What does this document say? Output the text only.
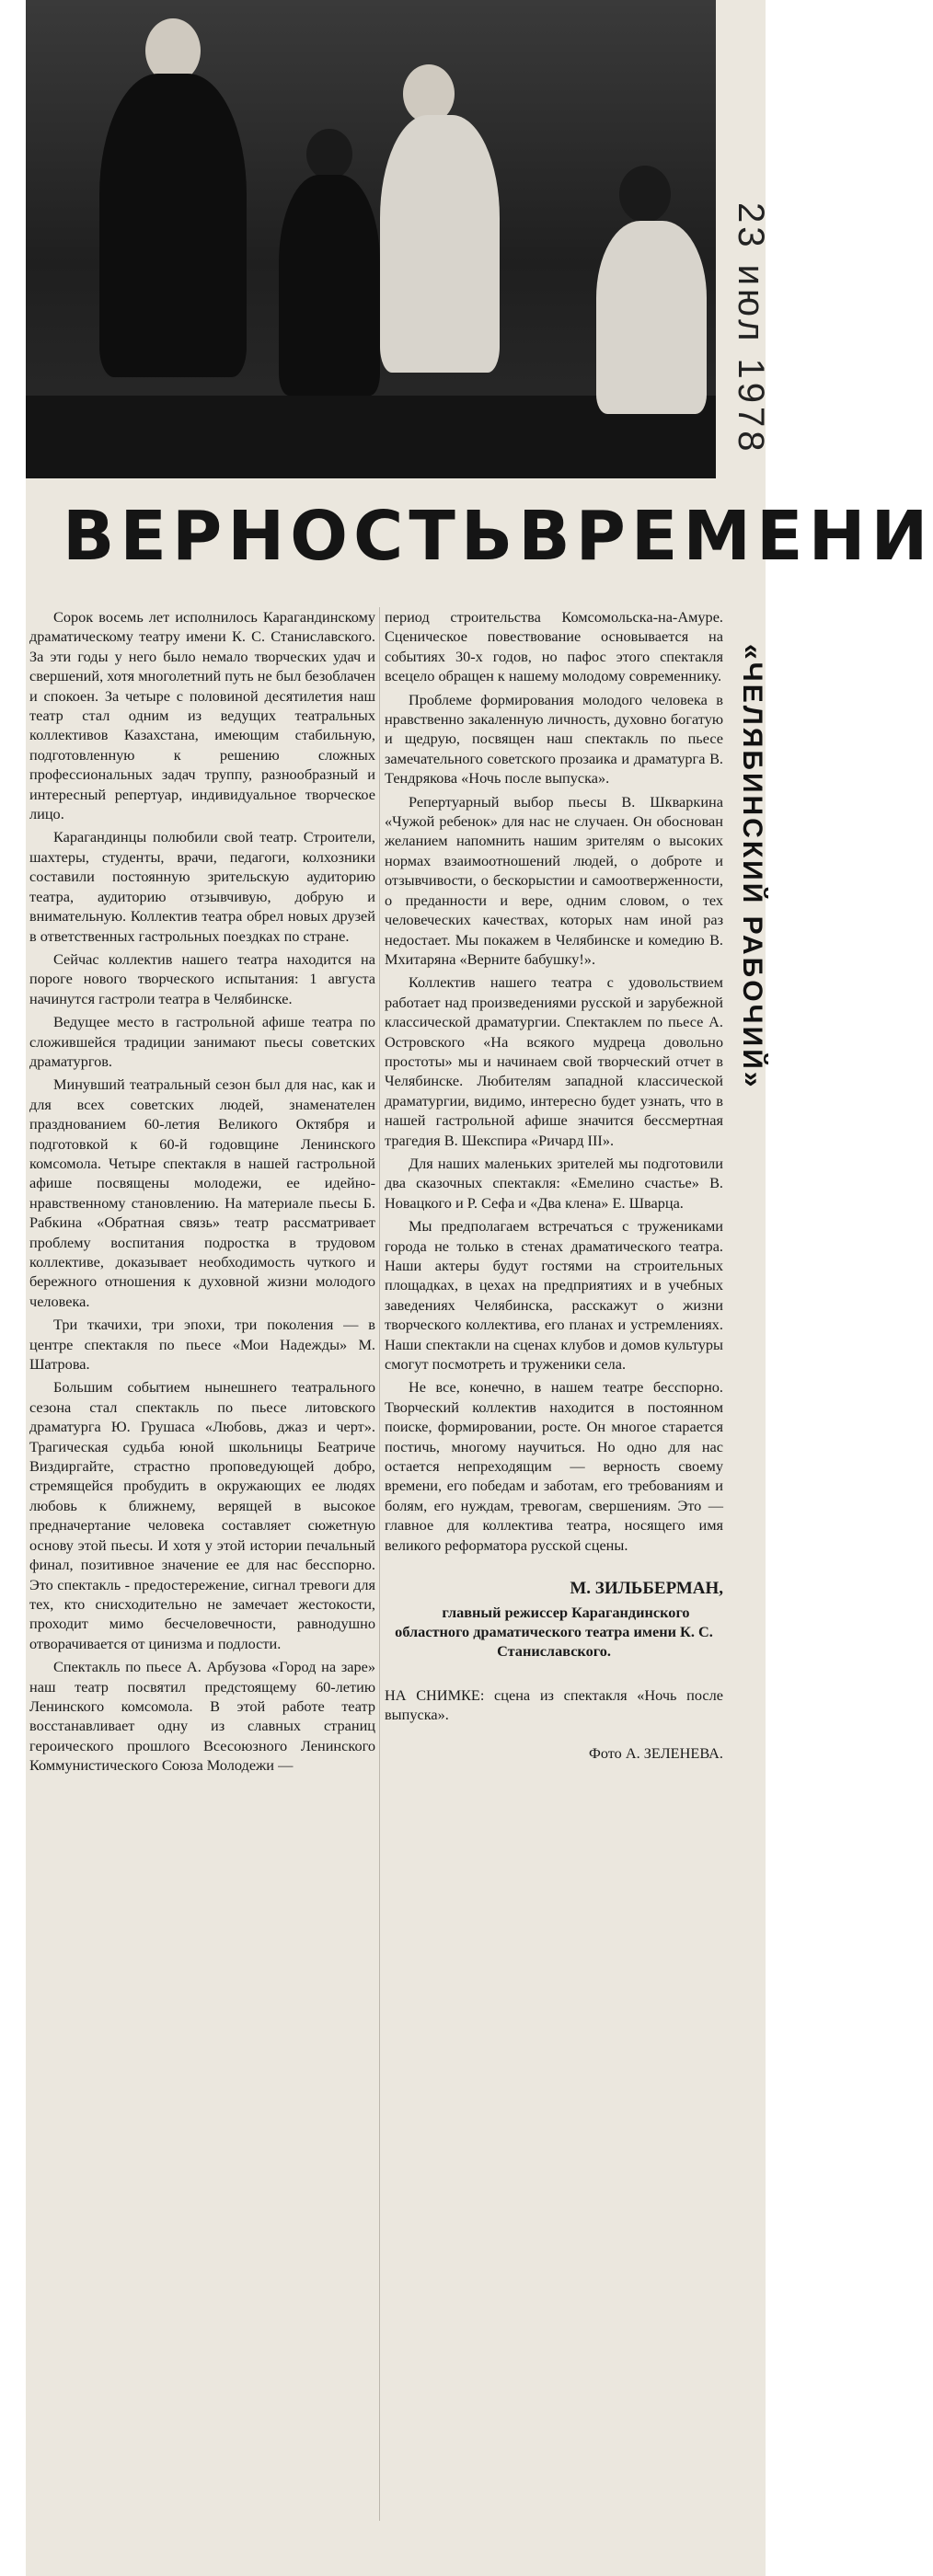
23 июл 1978
«ЧЕЛЯБИНСКИЙ РАБОЧИЙ»
ВЕРНОСТЬ ВРЕМЕНИ

Сорок восемь лет исполнилось Карагандинскому драматическому театру имени К. С. Станиславского. За эти годы у него было немало творческих удач и свершений, хотя многолетний путь не был безоблачен и спокоен. За четыре с половиной десятилетия наш театр стал одним из ведущих театральных коллективов Казахстана, имеющим стабильную, подготовленную к решению сложных профессиональных задач труппу, разнообразный и интересный репертуар, индивидуальное творческое лицо.

Карагандинцы полюбили свой театр. Строители, шахтеры, студенты, врачи, педагоги, колхозники составили постоянную зрительскую аудиторию театра, аудиторию отзывчивую, добрую и внимательную. Коллектив театра обрел новых друзей в ответственных гастрольных поездках по стране.

Сейчас коллектив нашего театра находится на пороге нового творческого испытания: 1 августа начинутся гастроли театра в Челябинске.

Ведущее место в гастрольной афише театра по сложившейся традиции занимают пьесы советских драматургов.

Минувший театральный сезон был для нас, как и для всех советских людей, знаменателен празднованием 60-летия Великого Октября и подготовкой к 60-й годовщине Ленинского комсомола. Четыре спектакля в нашей гастрольной афише посвящены молодежи, ее идейно-нравственному становлению. На материале пьесы Б. Рабкина «Обратная связь» театр рассматривает проблему воспитания подростка в трудовом коллективе, доказывает необходимость чуткого и бережного отношения к духовной жизни молодого человека.

Три ткачихи, три эпохи, три поколения — в центре спектакля по пьесе «Мои Надежды» М. Шатрова.

Большим событием нынешнего театрального сезона стал спектакль по пьесе литовского драматурга Ю. Грушаса «Любовь, джаз и черт». Трагическая судьба юной школьницы Беатриче Виздиргайте, страстно проповедующей добро, стремящейся пробудить в окружающих ее людях любовь к ближнему, верящей в высокое предначертание человека составляет сюжетную основу этой пьесы. И хотя у этой истории печальный финал, позитивное значение ее для нас бесспорно. Это спектакль - предостережение, сигнал тревоги для тех, кто снисходительно не замечает жестокости, проходит мимо бесчеловечности, равнодушно отворачивается от цинизма и подлости.

Спектакль по пьесе А. Арбузова «Город на заре» наш театр посвятил предстоящему 60-летию Ленинского комсомола. В этой работе театр восстанавливает одну из славных страниц героического прошлого Всесоюзного Ленинского Коммунистического Союза Молодежи —

период строительства Комсомольска-на-Амуре. Сценическое повествование основывается на событиях 30-х годов, но пафос этого спектакля всецело обращен к нашему молодому современнику.

Проблеме формирования молодого человека в нравственно закаленную личность, духовно богатую и щедрую, посвящен наш спектакль по пьесе замечательного советского прозаика и драматурга В. Тендрякова «Ночь после выпуска».

Репертуарный выбор пьесы В. Шкваркина «Чужой ребенок» для нас не случаен. Он обоснован желанием напомнить нашим зрителям о высоких нормах взаимоотношений людей, о доброте и отзывчивости, о бескорыстии и самоотверженности, о преданности и вере, одним словом, о тех человеческих качествах, которых нам иной раз недостает. Мы покажем в Челябинске и комедию В. Мхитаряна «Верните бабушку!».

Коллектив нашего театра с удовольствием работает над произведениями русской и зарубежной классической драматургии. Спектаклем по пьесе А. Островского «На всякого мудреца довольно простоты» мы и начинаем свой творческий отчет в Челябинске. Любителям западной классической драматургии, видимо, интересно будет узнать, что в нашей гастрольной афише значится бессмертная трагедия В. Шекспира «Ричард III».

Для наших маленьких зрителей мы подготовили два сказочных спектакля: «Емелино счастье» В. Новацкого и Р. Сефа и «Два клена» Е. Шварца.

Мы предполагаем встречаться с тружениками города не только в стенах драматического театра. Наши актеры будут гостями на строительных площадках, в цехах на предприятиях и в учебных заведениях Челябинска, расскажут о жизни творческого коллектива, его планах и устремлениях. Наши спектакли на сценах клубов и домов культуры смогут посмотреть и труженики села.

Не все, конечно, в нашем театре бесспорно. Творческий коллектив находится в постоянном поиске, формировании, росте. Он многое старается постичь, многому научиться. Но одно для нас остается непреходящим — верность своему времени, его победам и заботам, его требованиям и болям, его нуждам, тревогам, свершениям. Это — главное для коллектива театра, носящего имя великого реформатора русской сцены.

М. ЗИЛЬБЕРМАН,

главный режиссер Карагандинского областного драматического театра имени К. С. Станиславского.

НА СНИМКЕ: сцена из спектакля «Ночь после выпуска».

Фото А. ЗЕЛЕНЕВА.
